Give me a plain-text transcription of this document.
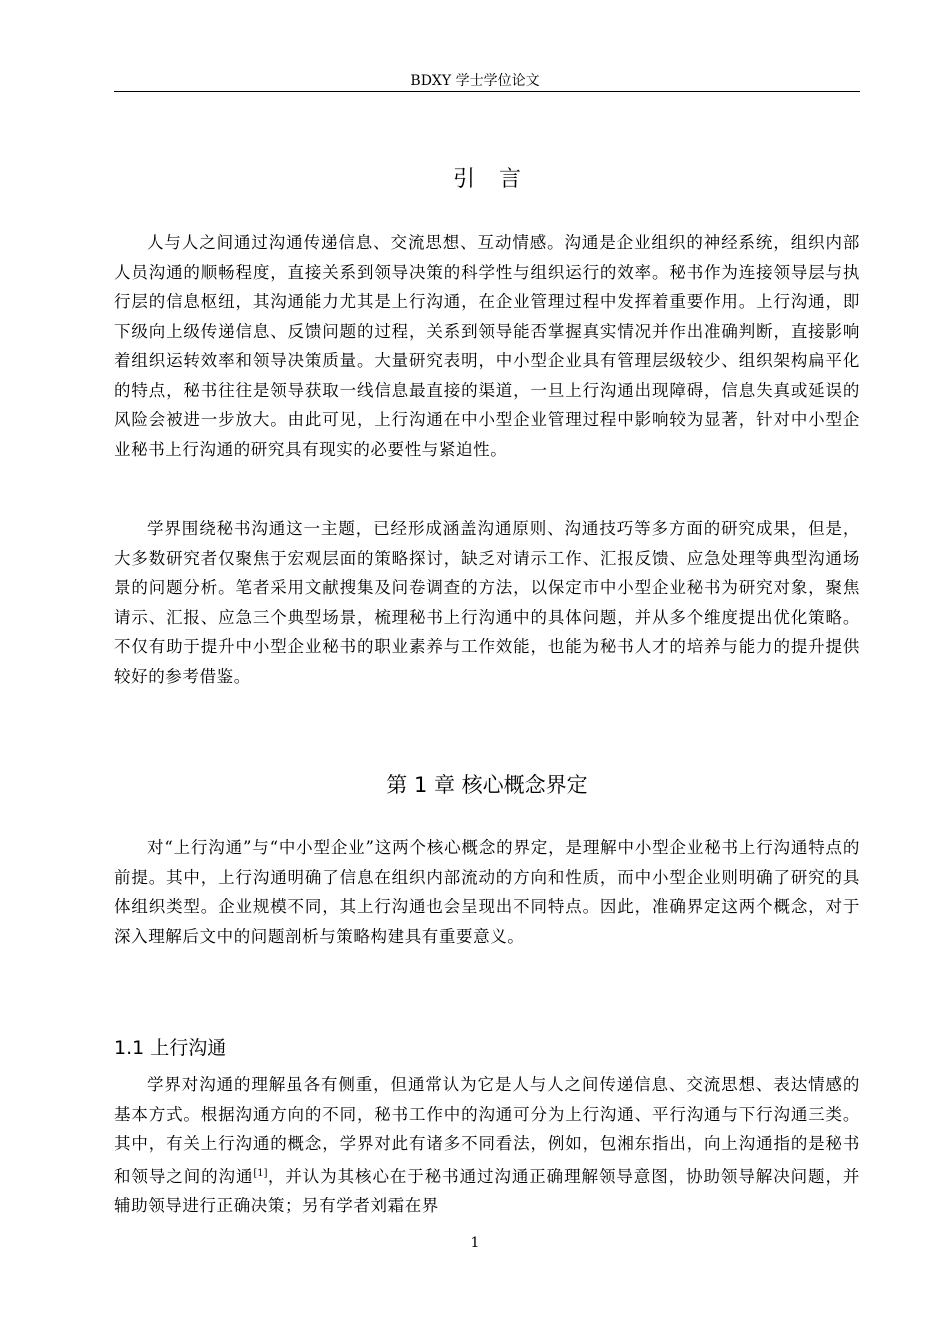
BDXY 学士学位论文
引言

人与人之间通过沟通传递信息、交流思想、互动情感。沟通是企业组织的神经系统，组织内部人员沟通的顺畅程度，直接关系到领导决策的科学性与组织运行的效率。秘书作为连接领导层与执行层的信息枢纽，其沟通能力尤其是上行沟通，在企业管理过程中发挥着重要作用。上行沟通，即下级向上级传递信息、反馈问题的过程，关系到领导能否掌握真实情况并作出准确判断，直接影响着组织运转效率和领导决策质量。大量研究表明，中小型企业具有管理层级较少、组织架构扁平化的特点，秘书往往是领导获取一线信息最直接的渠道，一旦上行沟通出现障碍，信息失真或延误的风险会被进一步放大。由此可见，上行沟通在中小型企业管理过程中影响较为显著，针对中小型企业秘书上行沟通的研究具有现实的必要性与紧迫性。

学界围绕秘书沟通这一主题，已经形成涵盖沟通原则、沟通技巧等多方面的研究成果，但是，大多数研究者仅聚焦于宏观层面的策略探讨，缺乏对请示工作、汇报反馈、应急处理等典型沟通场景的问题分析。笔者采用文献搜集及问卷调查的方法，以保定市中小型企业秘书为研究对象，聚焦请示、汇报、应急三个典型场景，梳理秘书上行沟通中的具体问题，并从多个维度提出优化策略。不仅有助于提升中小型企业秘书的职业素养与工作效能，也能为秘书人才的培养与能力的提升提供较好的参考借鉴。

第 1 章 核心概念界定

对“上行沟通”与“中小型企业”这两个核心概念的界定，是理解中小型企业秘书上行沟通特点的前提。其中，上行沟通明确了信息在组织内部流动的方向和性质，而中小型企业则明确了研究的具体组织类型。企业规模不同，其上行沟通也会呈现出不同特点。因此，准确界定这两个概念，对于深入理解后文中的问题剖析与策略构建具有重要意义。

1.1 上行沟通

学界对沟通的理解虽各有侧重，但通常认为它是人与人之间传递信息、交流思想、表达情感的基本方式。根据沟通方向的不同，秘书工作中的沟通可分为上行沟通、平行沟通与下行沟通三类。其中，有关上行沟通的概念，学界对此有诸多不同看法，例如，包湘东指出，向上沟通指的是秘书和领导之间的沟通[1]，并认为其核心在于秘书通过沟通正确理解领导意图，协助领导解决问题，并辅助领导进行正确决策；另有学者刘霜在界

1
